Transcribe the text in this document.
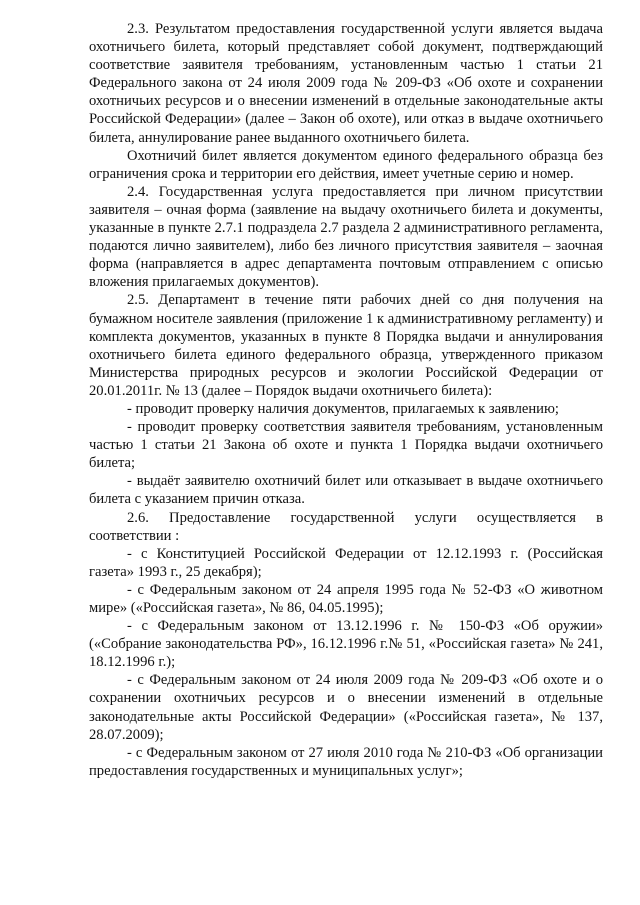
2.3. Результатом предоставления государственной услуги является выдача охотничьего билета, который представляет собой документ, подтверждающий соответствие заявителя требованиям, установленным частью 1 статьи 21 Федерального закона от 24 июля 2009 года № 209-ФЗ «Об охоте и сохранении охотничьих ресурсов и о внесении изменений в отдельные законодательные акты Российской Федерации» (далее – Закон об охоте), или отказ в выдаче охотничьего билета, аннулирование ранее выданного охотничьего билета.

Охотничий билет является документом единого федерального образца без ограничения срока и территории его действия, имеет учетные серию и номер.

2.4. Государственная услуга предоставляется при личном присутствии заявителя – очная форма (заявление на выдачу охотничьего билета и документы, указанные в пункте 2.7.1 подраздела 2.7 раздела 2 административного регламента, подаются лично заявителем), либо без личного присутствия заявителя – заочная форма (направляется в адрес департамента почтовым отправлением с описью вложения прилагаемых документов).

2.5. Департамент в течение пяти рабочих дней со дня получения на бумажном носителе заявления (приложение 1 к административному регламенту) и комплекта документов, указанных в пункте 8 Порядка выдачи и аннулирования охотничьего билета единого федерального образца, утвержденного приказом Министерства природных ресурсов и экологии Российской Федерации от 20.01.2011г. № 13 (далее – Порядок выдачи охотничьего билета):

- проводит проверку наличия документов, прилагаемых к заявлению;

- проводит проверку соответствия заявителя требованиям, установленным частью 1 статьи 21 Закона об охоте и пункта 1 Порядка выдачи охотничьего билета;

- выдаёт заявителю охотничий билет или отказывает в выдаче охотничьего билета с указанием причин отказа.

2.6. Предоставление государственной услуги осуществляется в соответствии :

- с Конституцией Российской Федерации от 12.12.1993 г. (Российская газета» 1993 г., 25 декабря);

- с Федеральным законом от 24 апреля 1995 года № 52-ФЗ «О животном мире» («Российская газета», № 86, 04.05.1995);

- с Федеральным законом от 13.12.1996 г. № 150-ФЗ «Об оружии» («Собрание законодательства РФ», 16.12.1996 г.№ 51, «Российская газета» № 241, 18.12.1996 г.);

- с Федеральным законом от 24 июля 2009 года № 209-ФЗ «Об охоте и о сохранении охотничьих ресурсов и о внесении изменений в отдельные законодательные акты Российской Федерации» («Российская газета», № 137, 28.07.2009);

- с Федеральным законом от 27 июля 2010 года № 210-ФЗ «Об организации предоставления государственных и муниципальных услуг»;
